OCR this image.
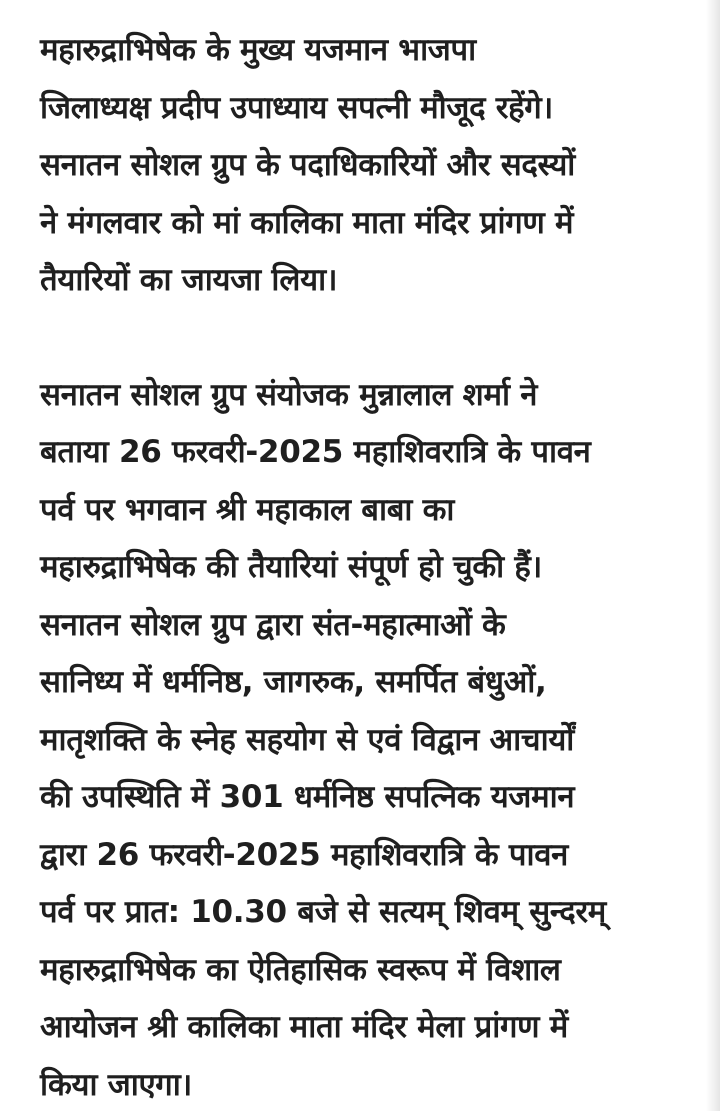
महारुद्राभिषेक के मुख्य यजमान भाजपा
जिलाध्यक्ष प्रदीप उपाध्याय सपत्नी मौजूद रहेंगे।
सनातन सोशल ग्रुप के पदाधिकारियों और सदस्यों
ने मंगलवार को मां कालिका माता मंदिर प्रांगण में
तैयारियों का जायजा लिया।

सनातन सोशल ग्रुप संयोजक मुन्नालाल शर्मा ने
बताया 26 फरवरी-2025 महाशिवरात्रि के पावन
पर्व पर भगवान श्री महाकाल बाबा का
महारुद्राभिषेक की तैयारियां संपूर्ण हो चुकी हैं।
सनातन सोशल ग्रुप द्वारा संत-महात्माओं के
सानिध्य में धर्मनिष्ठ, जागरुक, समर्पित बंधुओं,
मातृशक्ति के स्नेह सहयोग से एवं विद्वान आचार्यों
की उपस्थिति में 301 धर्मनिष्ठ सपत्निक यजमान
द्वारा 26 फरवरी-2025 महाशिवरात्रि के पावन
पर्व पर प्रात: 10.30 बजे से सत्यम् शिवम् सुन्दरम्
महारुद्राभिषेक का ऐतिहासिक स्वरूप में विशाल
आयोजन श्री कालिका माता मंदिर मेला प्रांगण में
किया जाएगा।
